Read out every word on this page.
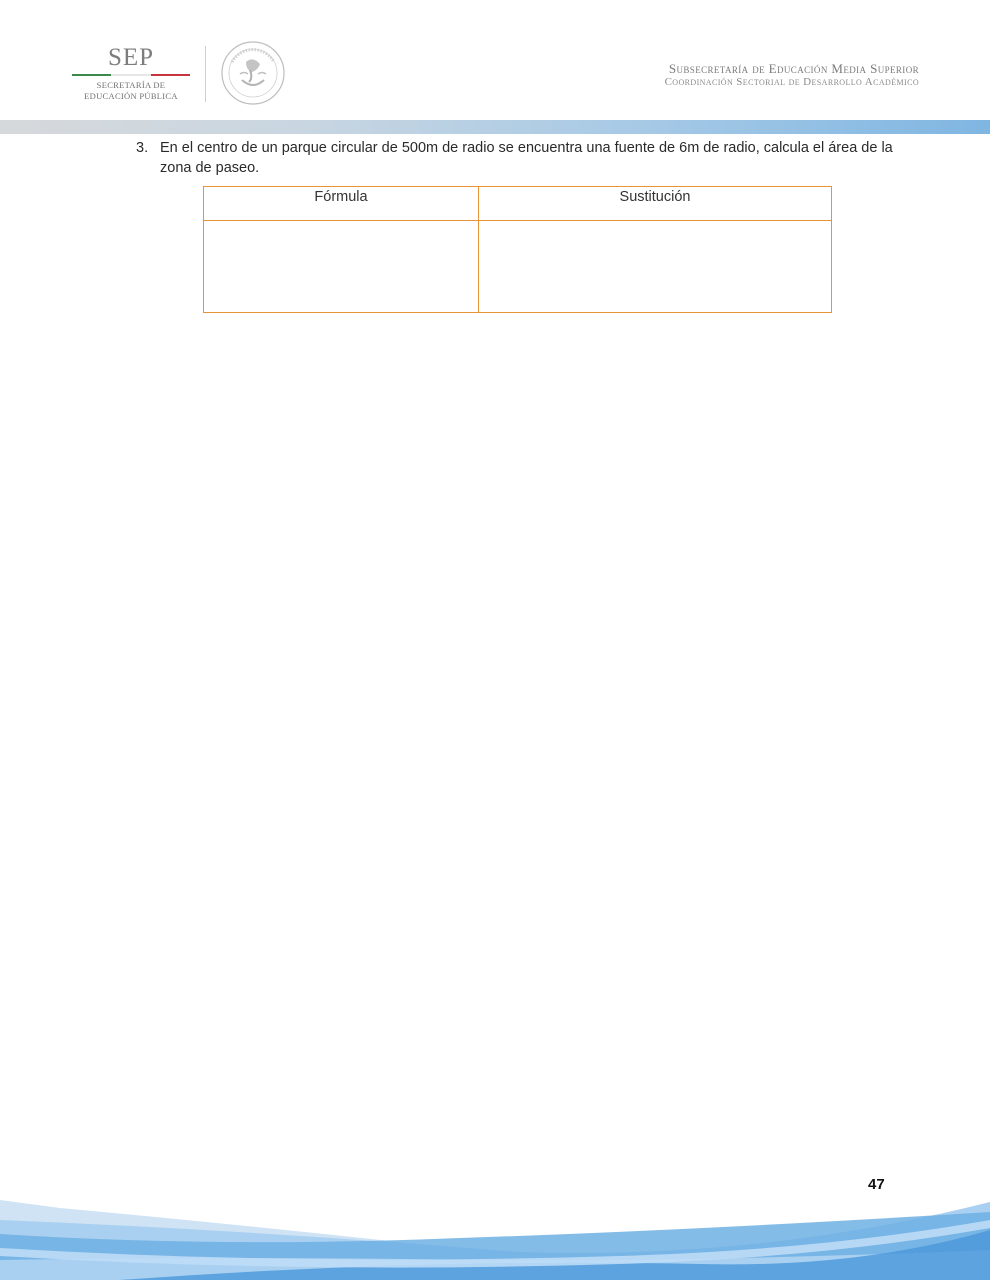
SEP
SECRETARÍA DE
EDUCACIÓN PÚBLICA
Subsecretaría de Educación Media Superior
Coordinación Sectorial de Desarrollo Académico
3. En el centro de un parque circular de 500m de radio se encuentra una fuente de 6m de radio, calcula el área de la zona de paseo.
Fórmula	Sustitución

47
